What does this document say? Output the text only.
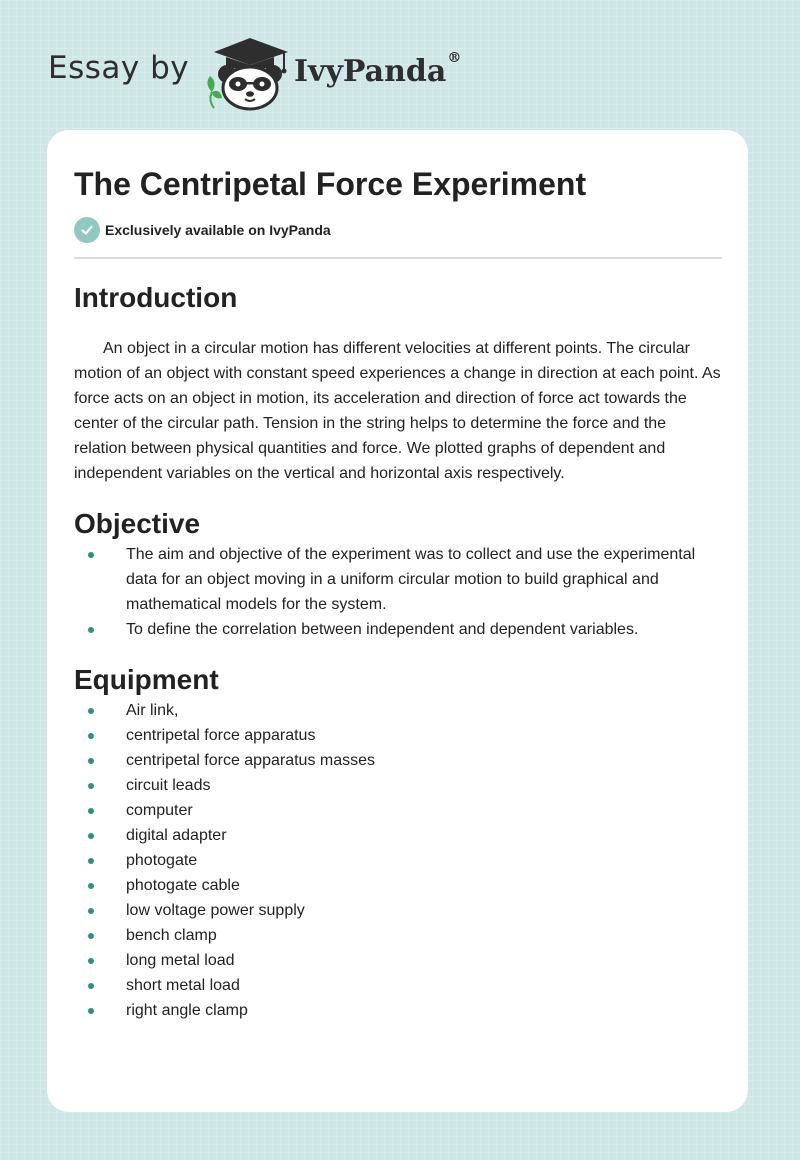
Essay by	IvyPanda®
The Centripetal Force Experiment
Exclusively available on IvyPanda
Introduction

An object in a circular motion has different velocities at different points. The circular motion of an object with constant speed experiences a change in direction at each point. As force acts on an object in motion, its acceleration and direction of force act towards the center of the circular path. Tension in the string helps to determine the force and the relation between physical quantities and force. We plotted graphs of dependent and independent variables on the vertical and horizontal axis respectively.

Objective
The aim and objective of the experiment was to collect and use the experimental data for an object moving in a uniform circular motion to build graphical and mathematical models for the system.
To define the correlation between independent and dependent variables.
Equipment
Air link,
centripetal force apparatus
centripetal force apparatus masses
circuit leads
computer
digital adapter
photogate
photogate cable
low voltage power supply
bench clamp
long metal load
short metal load
right angle clamp
